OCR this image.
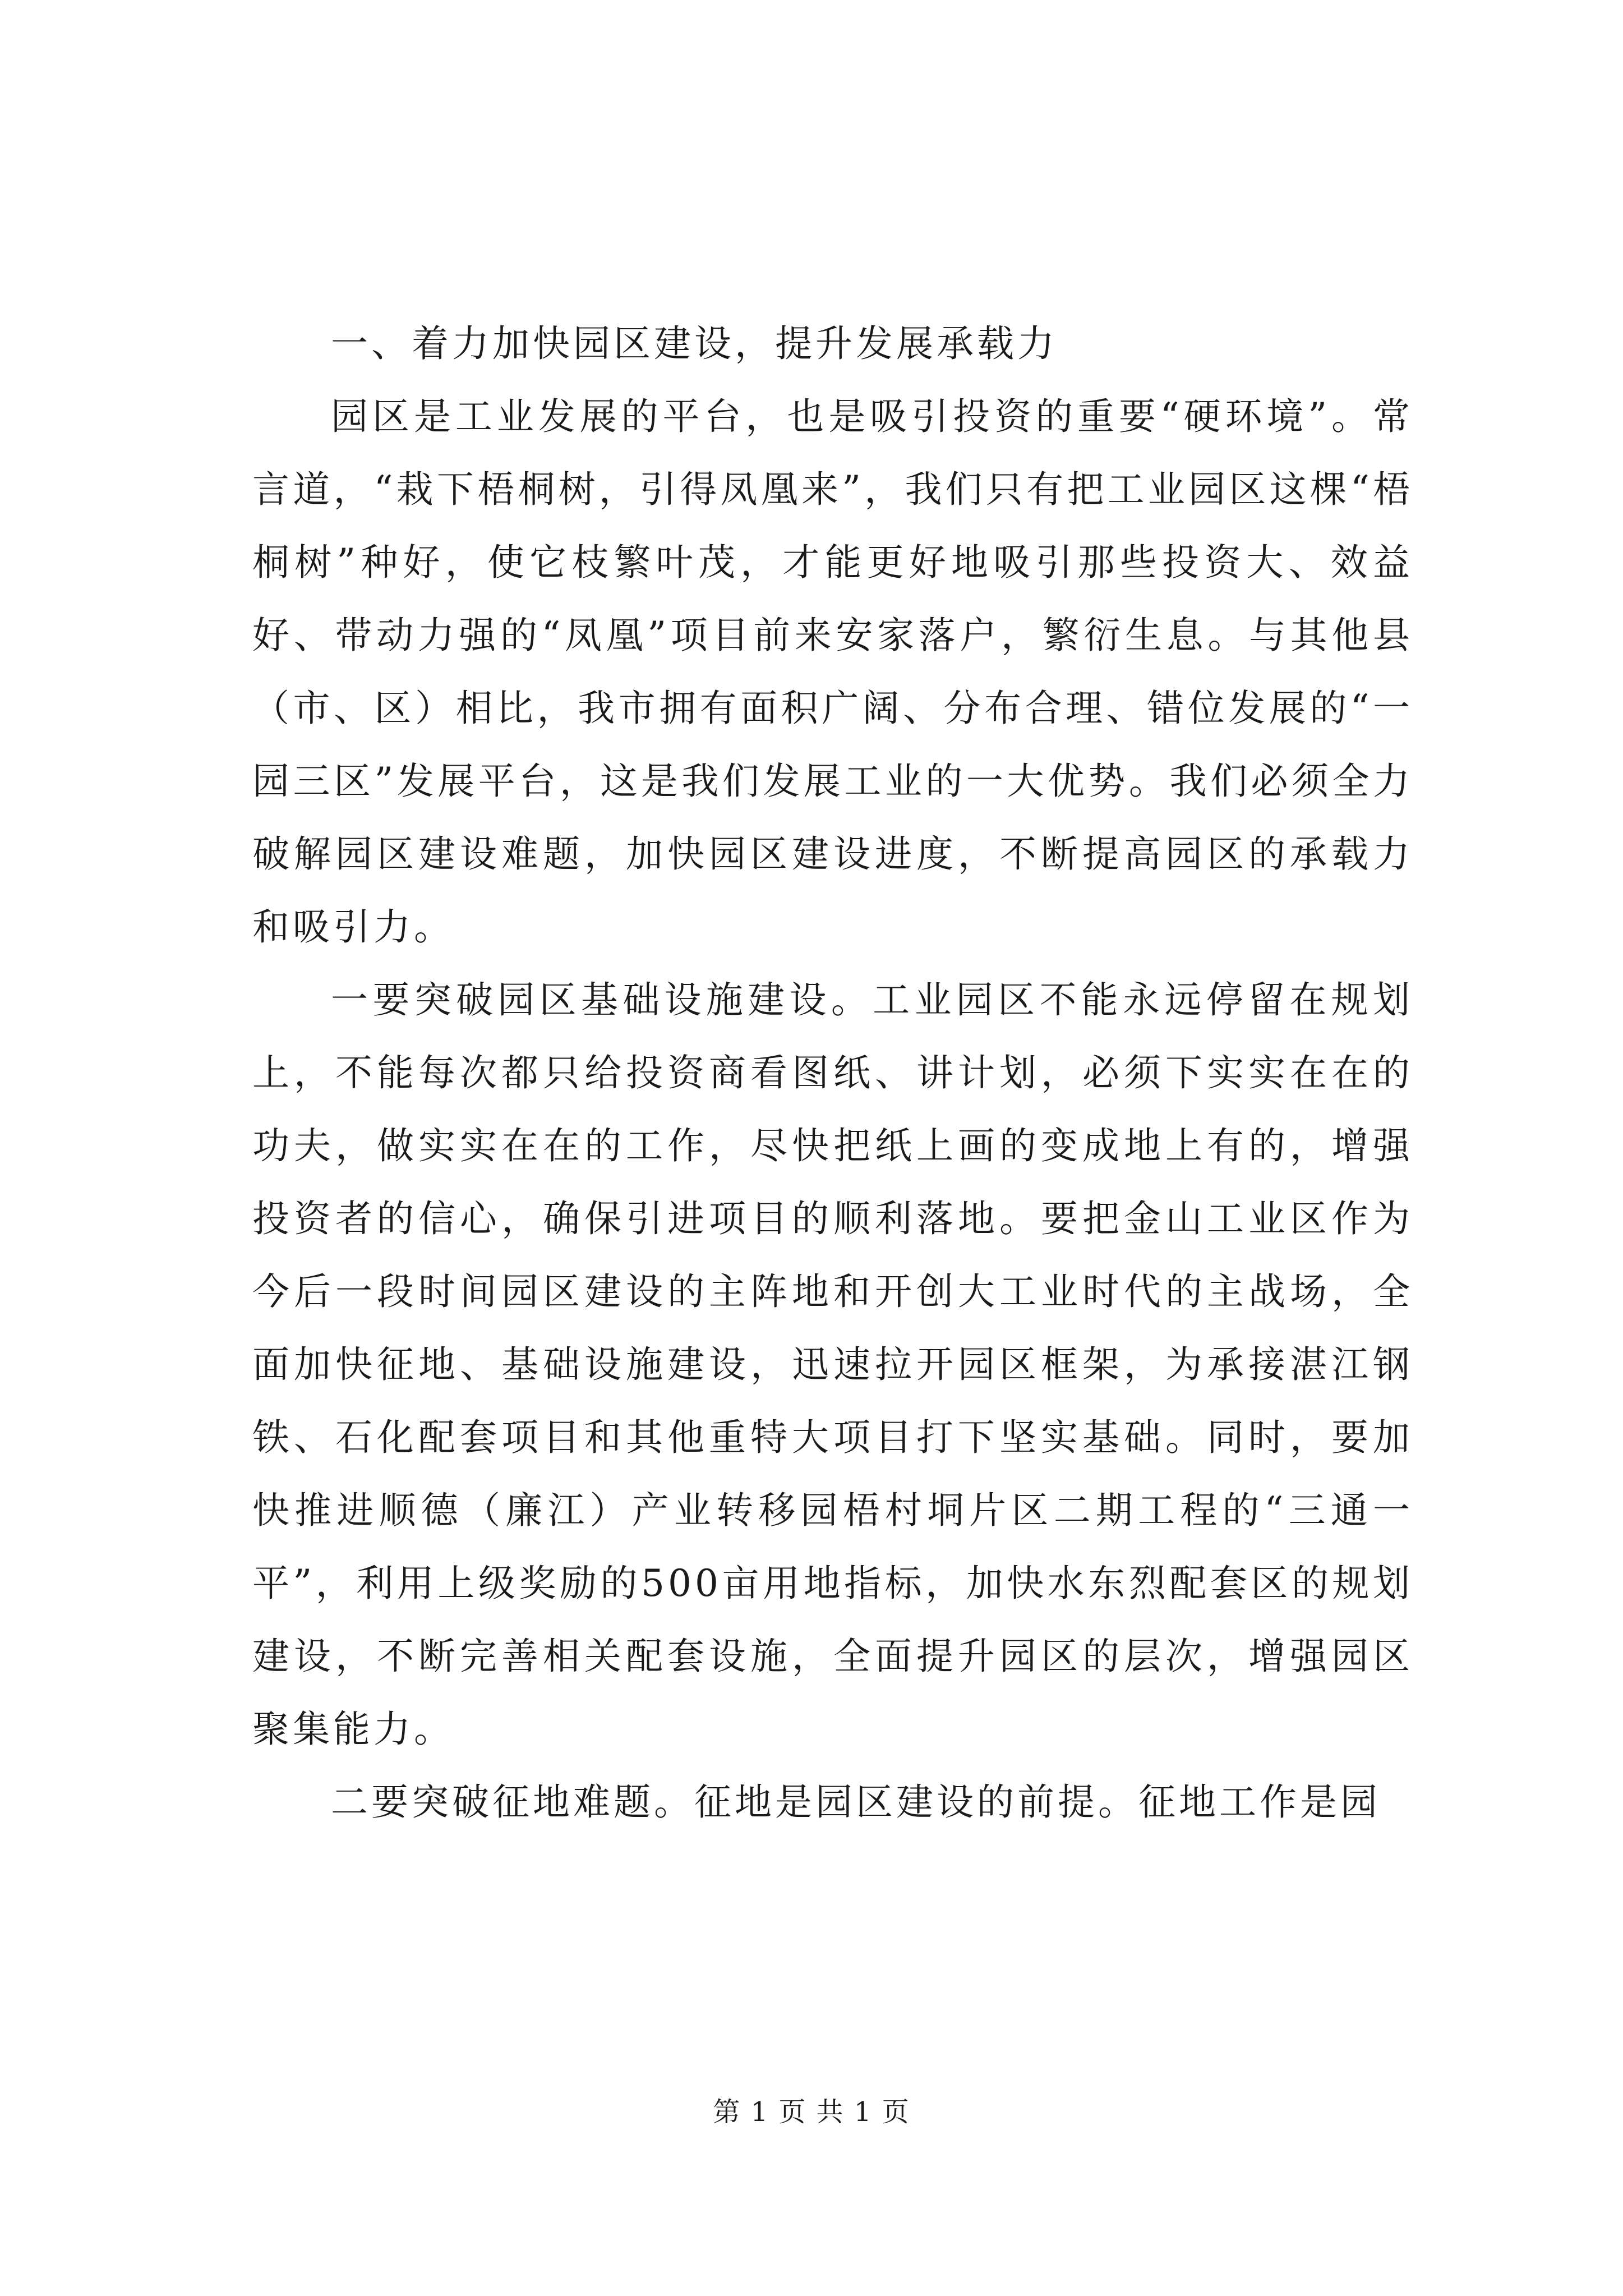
一、着力加快园区建设，提升发展承载力

园区是工业发展的平台，也是吸引投资的重要“硬环境”。常言道，“栽下梧桐树，引得凤凰来”，我们只有把工业园区这棵“梧桐树”种好，使它枝繁叶茂，才能更好地吸引那些投资大、效益好、带动力强的“凤凰”项目前来安家落户，繁衍生息。与其他县（市、区）相比，我市拥有面积广阔、分布合理、错位发展的“一园三区”发展平台，这是我们发展工业的一大优势。我们必须全力破解园区建设难题，加快园区建设进度，不断提高园区的承载力和吸引力。

一要突破园区基础设施建设。工业园区不能永远停留在规划上，不能每次都只给投资商看图纸、讲计划，必须下实实在在的功夫，做实实在在的工作，尽快把纸上画的变成地上有的，增强投资者的信心，确保引进项目的顺利落地。要把金山工业区作为今后一段时间园区建设的主阵地和开创大工业时代的主战场，全面加快征地、基础设施建设，迅速拉开园区框架，为承接湛江钢铁、石化配套项目和其他重特大项目打下坚实基础。同时，要加快推进顺德（廉江）产业转移园梧村垌片区二期工程的“三通一平”，利用上级奖励的500亩用地指标，加快水东烈配套区的规划建设，不断完善相关配套设施，全面提升园区的层次，增强园区聚集能力。

二要突破征地难题。征地是园区建设的前提。征地工作是园

第 1 页 共 1 页
